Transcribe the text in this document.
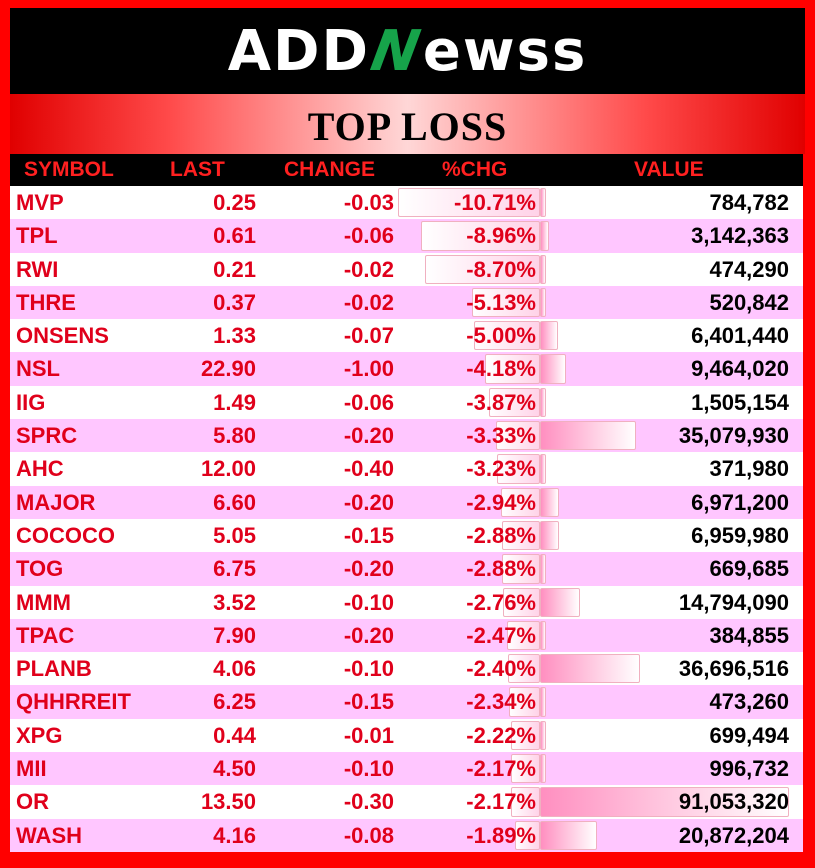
ADD
N
ewss
TOP LOSS
SYMBOL	LAST	CHANGE	%CHG	VALUE
MVP	0.25	-0.03	-10.71%	784,782
TPL	0.61	-0.06	-8.96%	3,142,363
RWI	0.21	-0.02	-8.70%	474,290
THRE	0.37	-0.02	-5.13%	520,842
ONSENS	1.33	-0.07	-5.00%	6,401,440
NSL	22.90	-1.00	-4.18%	9,464,020
IIG	1.49	-0.06	-3.87%	1,505,154
SPRC	5.80	-0.20	-3.33%	35,079,930
AHC	12.00	-0.40	-3.23%	371,980
MAJOR	6.60	-0.20	-2.94%	6,971,200
COCOCO	5.05	-0.15	-2.88%	6,959,980
TOG	6.75	-0.20	-2.88%	669,685
MMM	3.52	-0.10	-2.76%	14,794,090
TPAC	7.90	-0.20	-2.47%	384,855
PLANB	4.06	-0.10	-2.40%	36,696,516
QHHRREIT	6.25	-0.15	-2.34%	473,260
XPG	0.44	-0.01	-2.22%	699,494
MII	4.50	-0.10	-2.17%	996,732
OR	13.50	-0.30	-2.17%	91,053,320
WASH	4.16	-0.08	-1.89%	20,872,204
